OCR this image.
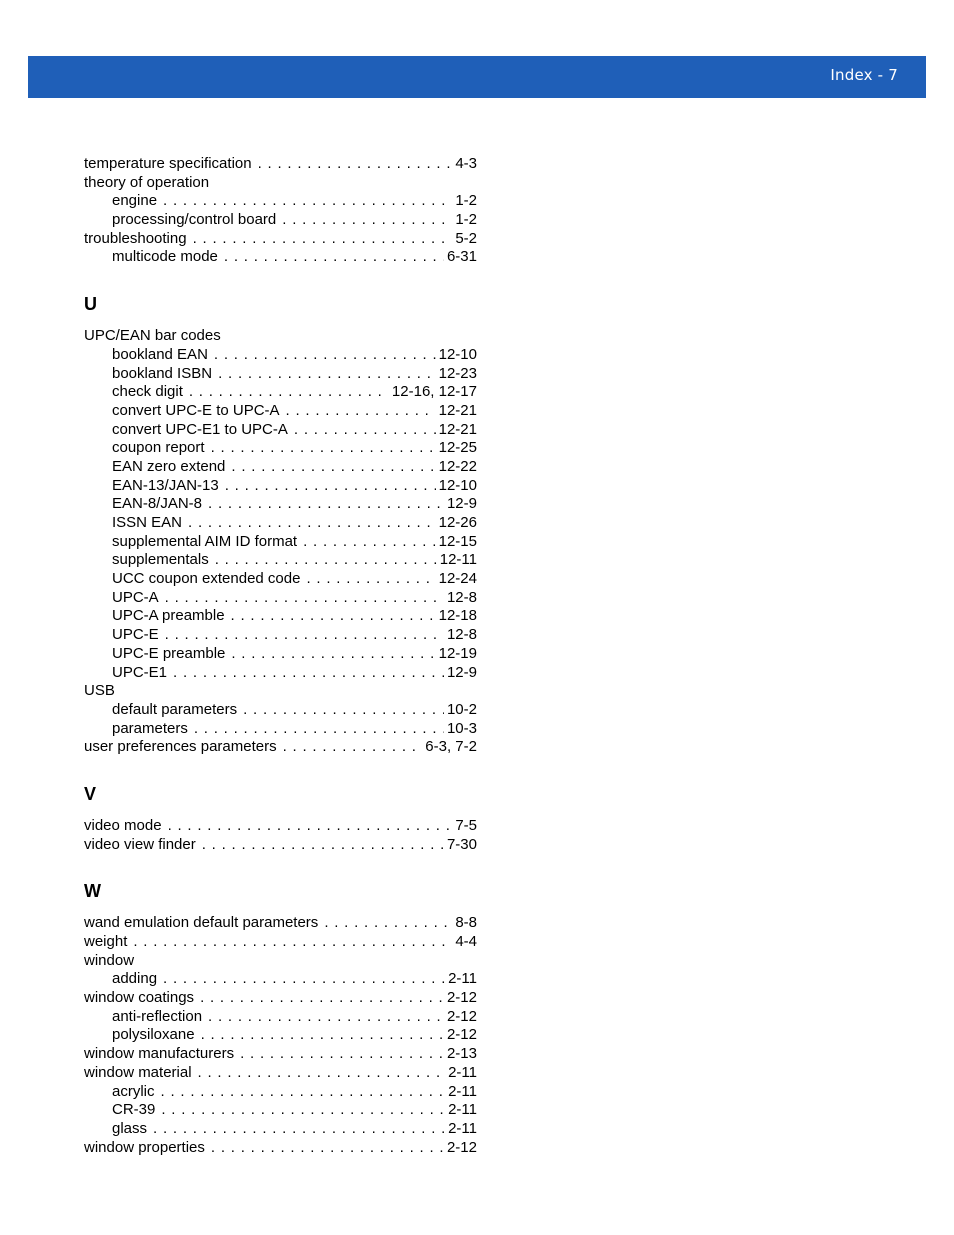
Index - 7
temperature specification . . .	4-3
theory of operation
engine . . .	1-2
processing/control board . . .	1-2
troubleshooting . . .	5-2
multicode mode . . .	6-31
U
UPC/EAN bar codes
bookland EAN . . .	12-10
bookland ISBN . . .	12-23
check digit . . .	12-16, 12-17
convert UPC-E to UPC-A . . .	12-21
convert UPC-E1 to UPC-A . . .	12-21
coupon report . . .	12-25
EAN zero extend . . .	12-22
EAN-13/JAN-13 . . .	12-10
EAN-8/JAN-8 . . .	12-9
ISSN EAN . . .	12-26
supplemental AIM ID format . . .	12-15
supplementals . . .	12-11
UCC coupon extended code . . .	12-24
UPC-A . . .	12-8
UPC-A preamble . . .	12-18
UPC-E . . .	12-8
UPC-E preamble . . .	12-19
UPC-E1 . . .	12-9
USB
default parameters . . .	10-2
parameters . . .	10-3
user preferences parameters . . .	6-3, 7-2
V
video mode . . .	7-5
video view finder . . .	7-30
W
wand emulation default parameters . . .	8-8
weight . . .	4-4
window
adding . . .	2-11
window coatings . . .	2-12
anti-reflection . . .	2-12
polysiloxane . . .	2-12
window manufacturers . . .	2-13
window material . . .	2-11
acrylic . . .	2-11
CR-39 . . .	2-11
glass . . .	2-11
window properties . . .	2-12
